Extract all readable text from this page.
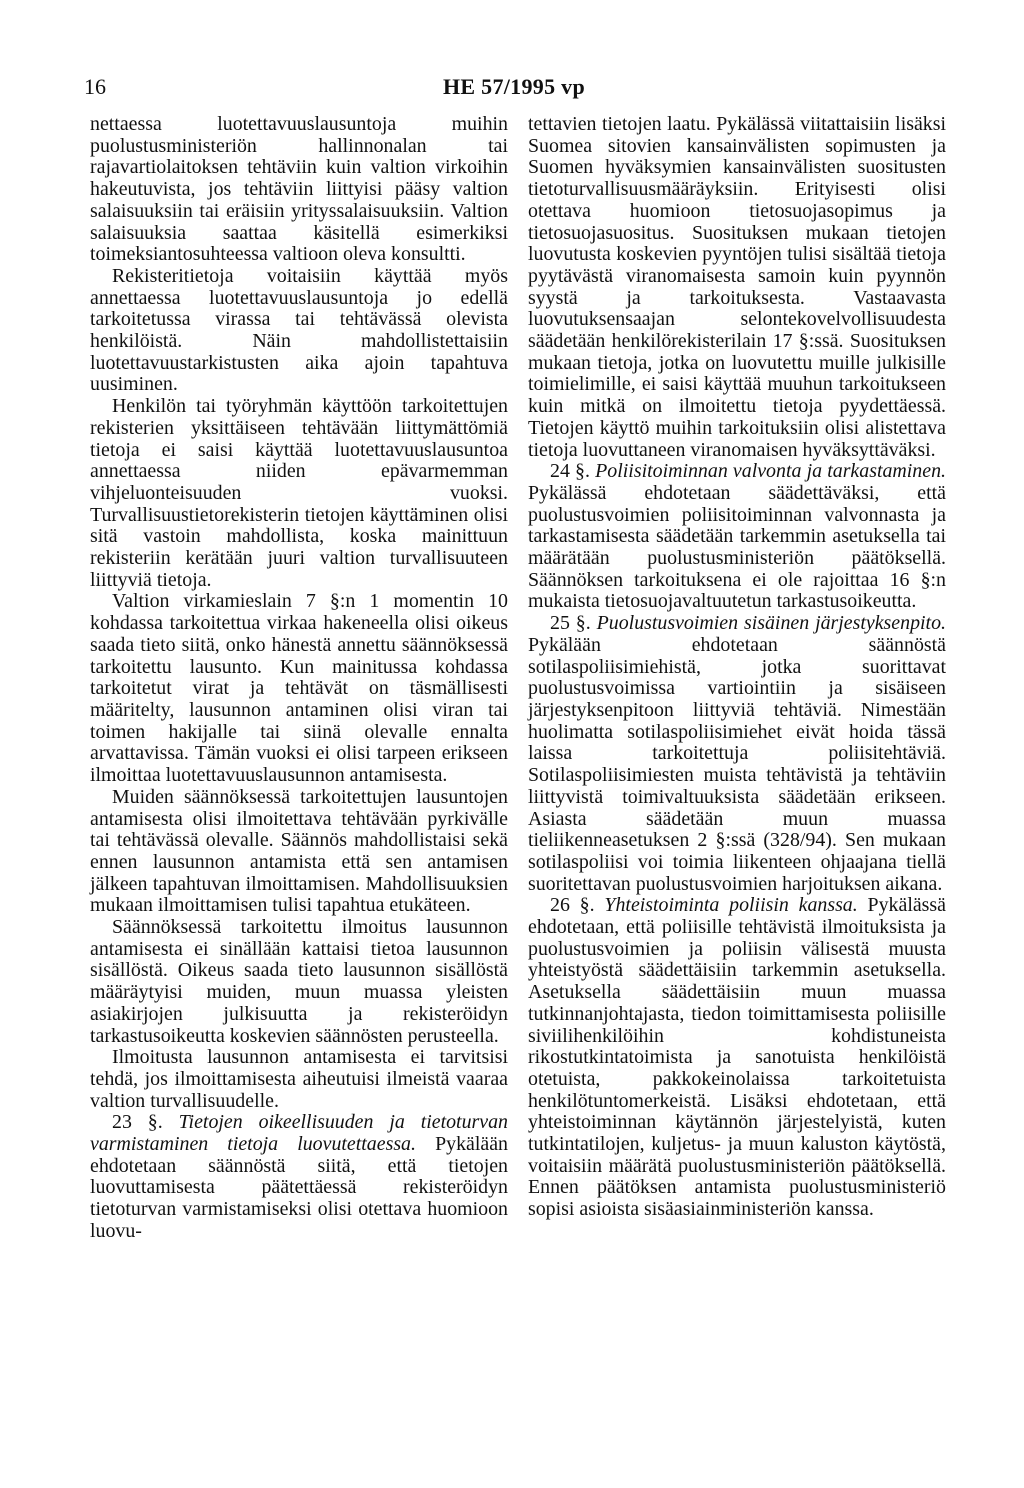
16	HE 57/1995 vp

nettaessa luotettavuuslausuntoja muihin puolustusministeriön hallinnonalan tai rajavartiolaitoksen tehtäviin kuin valtion virkoihin hakeutuvista, jos tehtäviin liittyisi pääsy valtion salaisuuksiin tai eräisiin yrityssalaisuuksiin. Valtion salaisuuksia saattaa käsitellä esimerkiksi toimeksiantosuhteessa valtioon oleva konsultti.

Rekisteritietoja voitaisiin käyttää myös annettaessa luotettavuuslausuntoja jo edellä tarkoitetussa virassa tai tehtävässä olevista henkilöistä. Näin mahdollistettaisiin luotettavuustarkistusten aika ajoin tapahtuva uusiminen.

Henkilön tai työryhmän käyttöön tarkoitettujen rekisterien yksittäiseen tehtävään liittymättömiä tietoja ei saisi käyttää luotettavuuslausuntoa annettaessa niiden epävarmemman vihjeluonteisuuden vuoksi. Turvallisuustietorekisterin tietojen käyttäminen olisi sitä vastoin mahdollista, koska mainittuun rekisteriin kerätään juuri valtion turvallisuuteen liittyviä tietoja.

Valtion virkamieslain 7 §:n 1 momentin 10 kohdassa tarkoitettua virkaa hakeneella olisi oikeus saada tieto siitä, onko hänestä annettu säännöksessä tarkoitettu lausunto. Kun mainitussa kohdassa tarkoitetut virat ja tehtävät on täsmällisesti määritelty, lausunnon antaminen olisi viran tai toimen hakijalle tai siinä olevalle ennalta arvattavissa. Tämän vuoksi ei olisi tarpeen erikseen ilmoittaa luotettavuuslausunnon antamisesta.

Muiden säännöksessä tarkoitettujen lausuntojen antamisesta olisi ilmoitettava tehtävään pyrkivälle tai tehtävässä olevalle. Säännös mahdollistaisi sekä ennen lausunnon antamista että sen antamisen jälkeen tapahtuvan ilmoittamisen. Mahdollisuuksien mukaan ilmoittamisen tulisi tapahtua etukäteen.

Säännöksessä tarkoitettu ilmoitus lausunnon antamisesta ei sinällään kattaisi tietoa lausunnon sisällöstä. Oikeus saada tieto lausunnon sisällöstä määräytyisi muiden, muun muassa yleisten asiakirjojen julkisuutta ja rekisteröidyn tarkastusoikeutta koskevien säännösten perusteella.

Ilmoitusta lausunnon antamisesta ei tarvitsisi tehdä, jos ilmoittamisesta aiheutuisi ilmeistä vaaraa valtion turvallisuudelle.

23 §. Tietojen oikeellisuuden ja tietoturvan varmistaminen tietoja luovutettaessa. Pykälään ehdotetaan säännöstä siitä, että tietojen luovuttamisesta päätettäessä rekisteröidyn tietoturvan varmistamiseksi olisi otettava huomioon luovu-

tettavien tietojen laatu. Pykälässä viitattaisiin lisäksi Suomea sitovien kansainvälisten sopimusten ja Suomen hyväksymien kansainvälisten suositusten tietoturvallisuusmääräyksiin. Erityisesti olisi otettava huomioon tietosuojasopimus ja tietosuojasuositus. Suosituksen mukaan tietojen luovutusta koskevien pyyntöjen tulisi sisältää tietoja pyytävästä viranomaisesta samoin kuin pyynnön syystä ja tarkoituksesta. Vastaavasta luovutuksensaajan selontekovelvollisuudesta säädetään henkilörekisterilain 17 §:ssä. Suosituksen mukaan tietoja, jotka on luovutettu muille julkisille toimielimille, ei saisi käyttää muuhun tarkoitukseen kuin mitkä on ilmoitettu tietoja pyydettäessä. Tietojen käyttö muihin tarkoituksiin olisi alistettava tietoja luovuttaneen viranomaisen hyväksyttäväksi.

24 §. Poliisitoiminnan valvonta ja tarkastaminen. Pykälässä ehdotetaan säädettäväksi, että puolustusvoimien poliisitoiminnan valvonnasta ja tarkastamisesta säädetään tarkemmin asetuksella tai määrätään puolustusministeriön päätöksellä. Säännöksen tarkoituksena ei ole rajoittaa 16 §:n mukaista tietosuojavaltuutetun tarkastusoikeutta.

25 §. Puolustusvoimien sisäinen järjestyksenpito. Pykälään ehdotetaan säännöstä sotilaspoliisimiehistä, jotka suorittavat puolustusvoimissa vartiointiin ja sisäiseen järjestyksenpitoon liittyviä tehtäviä. Nimestään huolimatta sotilaspoliisimiehet eivät hoida tässä laissa tarkoitettuja poliisitehtäviä. Sotilaspoliisimiesten muista tehtävistä ja tehtäviin liittyvistä toimivaltuuksista säädetään erikseen. Asiasta säädetään muun muassa tieliikenneasetuksen 2 §:ssä (328/94). Sen mukaan sotilaspoliisi voi toimia liikenteen ohjaajana tiellä suoritettavan puolustusvoimien harjoituksen aikana.

26 §. Yhteistoiminta poliisin kanssa. Pykälässä ehdotetaan, että poliisille tehtävistä ilmoituksista ja puolustusvoimien ja poliisin välisestä muusta yhteistyöstä säädettäisiin tarkemmin asetuksella. Asetuksella säädettäisiin muun muassa tutkinnanjohtajasta, tiedon toimittamisesta poliisille siviilihenkilöihin kohdistuneista rikostutkintatoimista ja sanotuista henkilöistä otetuista, pakkokeinolaissa tarkoitetuista henkilötuntomerkeistä. Lisäksi ehdotetaan, että yhteistoiminnan käytännön järjestelyistä, kuten tutkintatilojen, kuljetus- ja muun kaluston käytöstä, voitaisiin määrätä puolustusministeriön päätöksellä. Ennen päätöksen antamista puolustusministeriö sopisi asioista sisäasiainministeriön kanssa.
